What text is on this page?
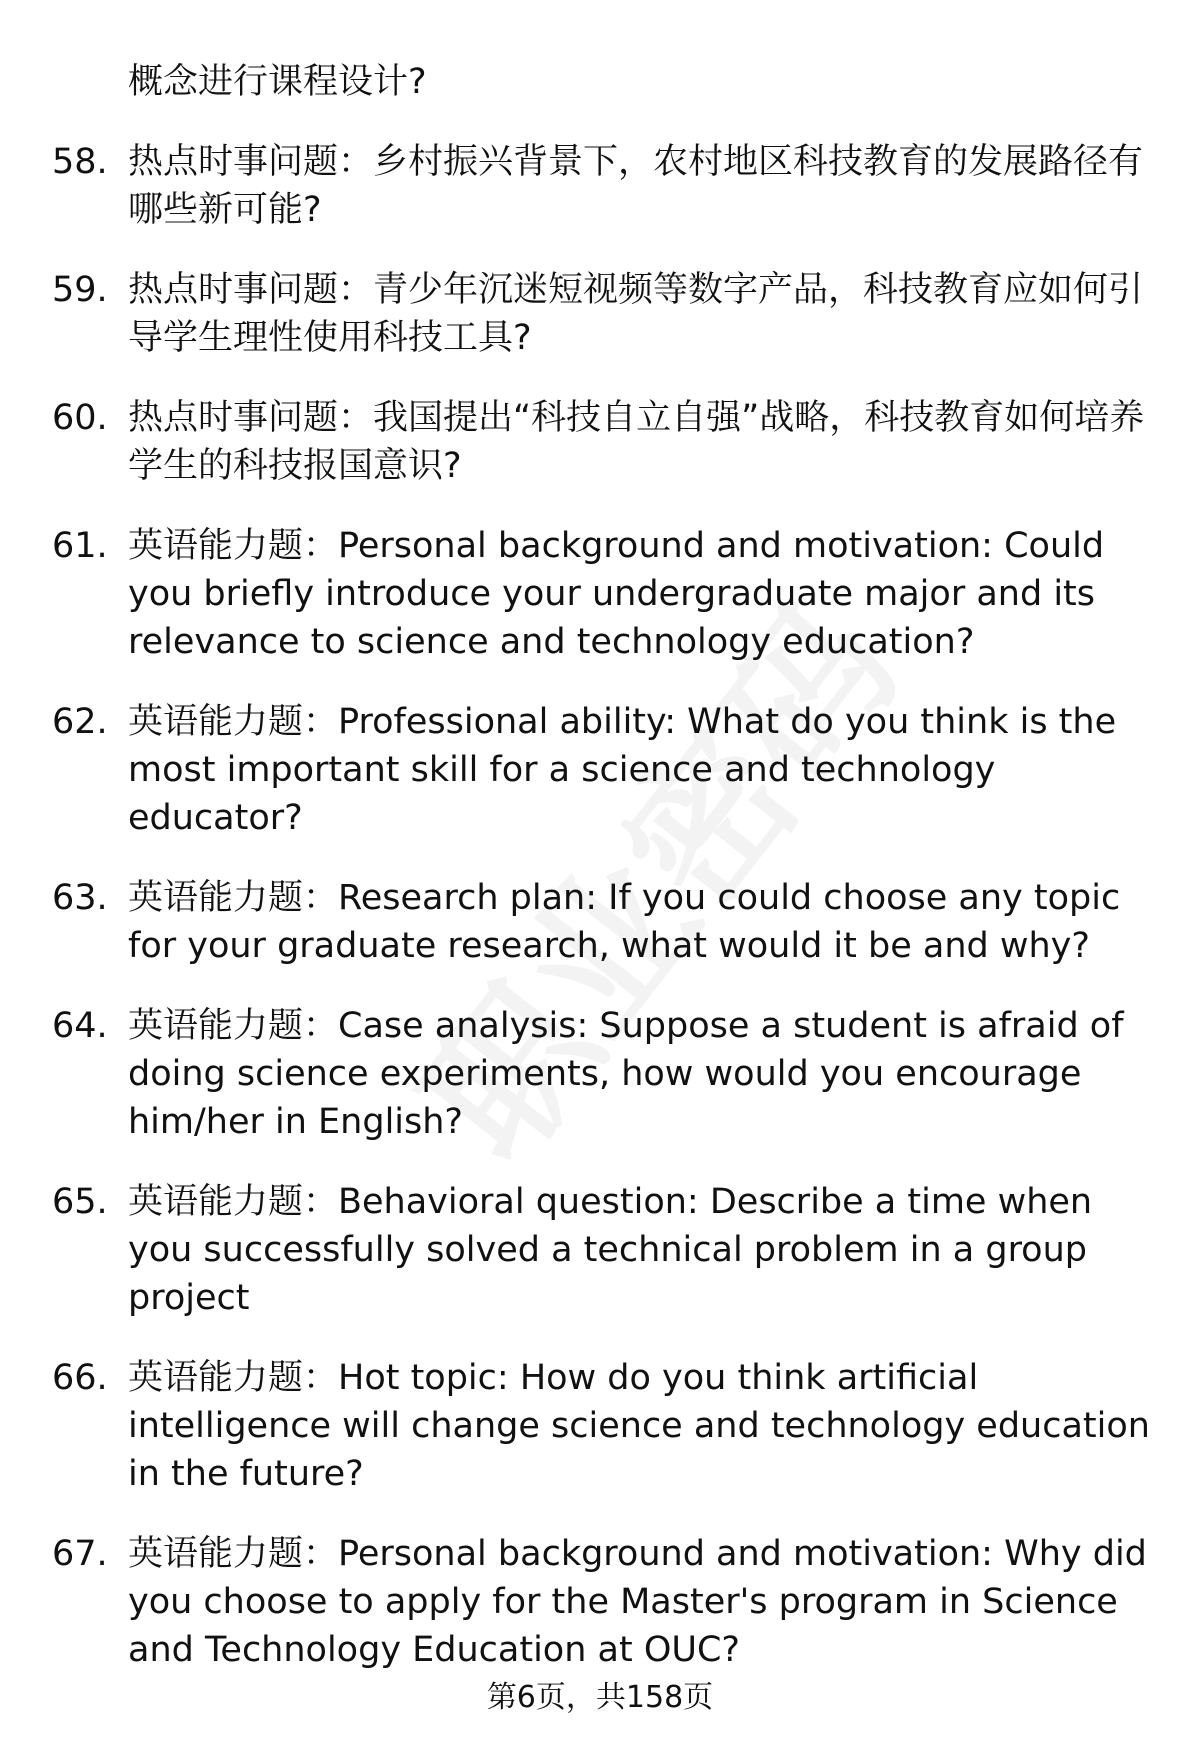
概念进行课程设计?
58. 热点时事问题：乡村振兴背景下，农村地区科技教育的发展路径有哪些新可能?
59. 热点时事问题：青少年沉迷短视频等数字产品，科技教育应如何引导学生理性使用科技工具?
60. 热点时事问题：我国提出“科技自立自强”战略，科技教育如何培养学生的科技报国意识?
61. 英语能力题：Personal background and motivation: Could you briefly introduce your undergraduate major and its relevance to science and technology education?
62. 英语能力题：Professional ability: What do you think is the most important skill for a science and technology educator?
63. 英语能力题：Research plan: If you could choose any topic for your graduate research, what would it be and why?
64. 英语能力题：Case analysis: Suppose a student is afraid of doing science experiments, how would you encourage him/her in English?
65. 英语能力题：Behavioral question: Describe a time when you successfully solved a technical problem in a group project
66. 英语能力题：Hot topic: How do you think artificial intelligence will change science and technology education in the future?
67. 英语能力题：Personal background and motivation: Why did you choose to apply for the Master's program in Science and Technology Education at OUC?
第6页，共158页
